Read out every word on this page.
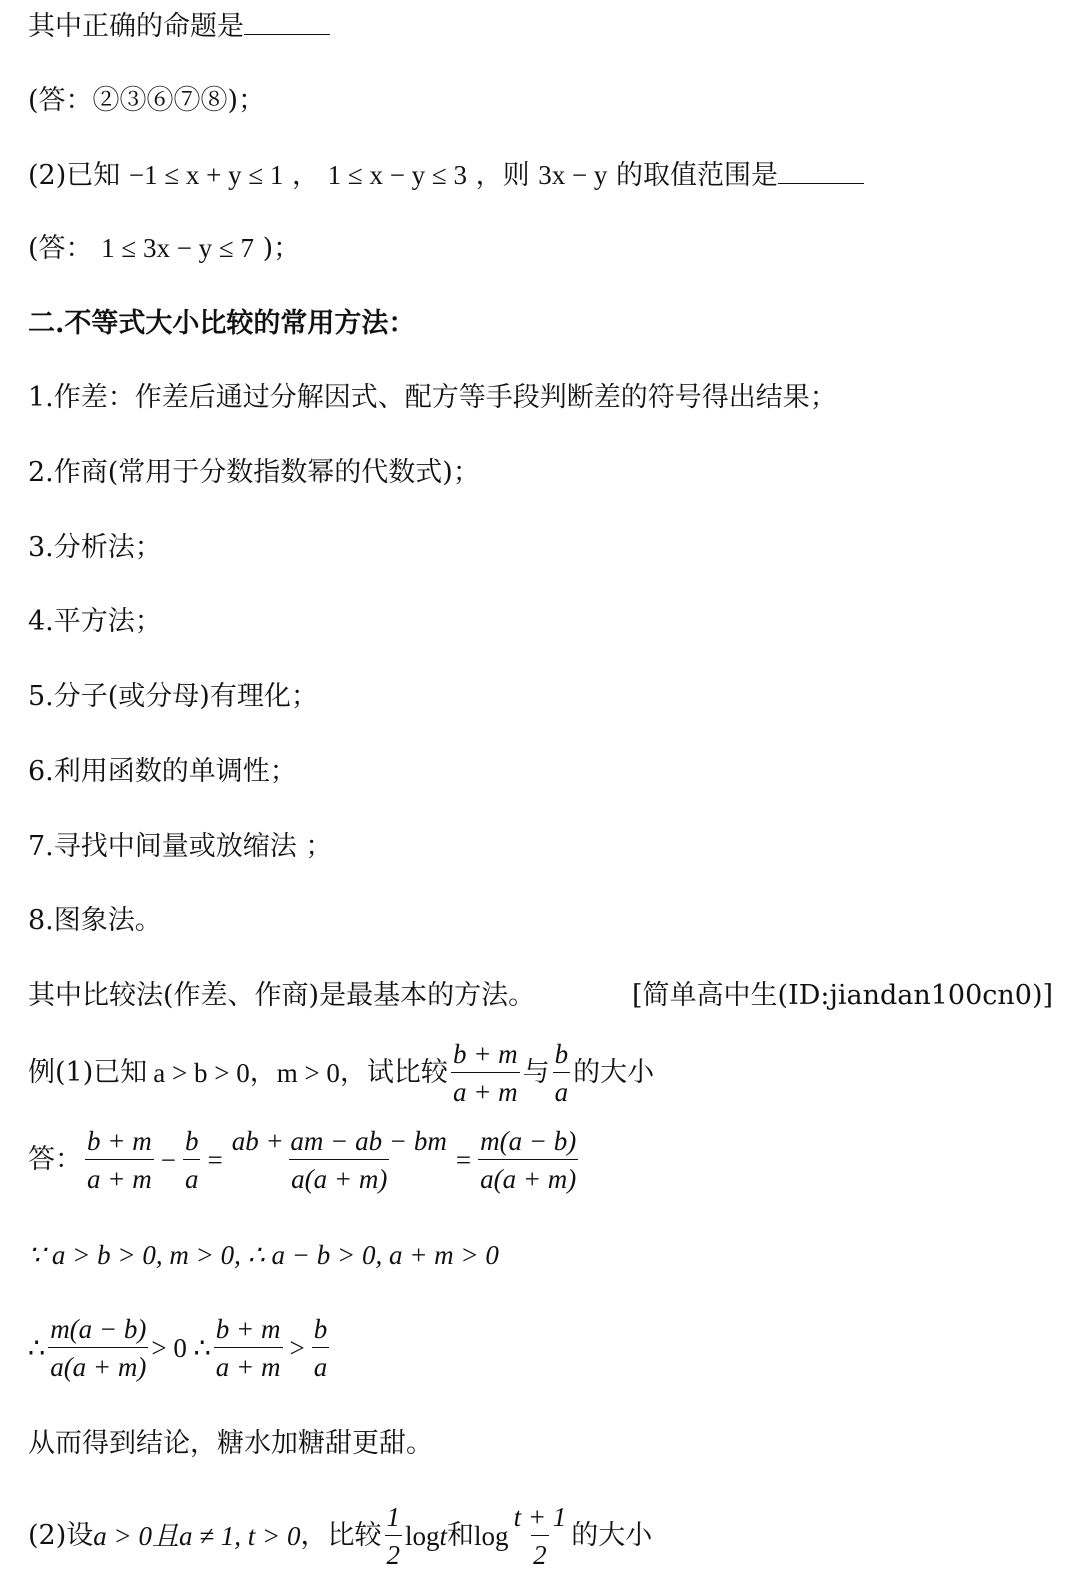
其中正确的命题是
(答：②③⑥⑦⑧)；
(2)已知 −1 ≤ x + y ≤ 1 ， 1 ≤ x − y ≤ 3 ，则 3x − y 的取值范围是
(答： 1 ≤ 3x − y ≤ 7 )；
二.不等式大小比较的常用方法：
1.作差：作差后通过分解因式、配方等手段判断差的符号得出结果；
2.作商(常用于分数指数幂的代数式)；
3.分析法；
4.平方法；
5.分子(或分母)有理化；
6.利用函数的单调性；
7.寻找中间量或放缩法 ；
8.图象法。
其中比较法(作差、作商)是最基本的方法。	[简单高中生(ID:jiandan100cn0)]
例(1)已知 a > b > 0 ， m > 0 ，试比较 $\frac{b + m}{a + m}$ 与 $\frac{b}{a}$ 的大小
答： $\frac{b + m}{a + m} - \frac{b}{a} = \frac{ab + am - ab - bm}{a(a + m)} = \frac{m(a - b)}{a(a + m)}$
∵ a > b > 0, m > 0, ∴ a − b > 0, a + m > 0
∴ $\frac{m(a - b)}{a(a + m)} > 0$ ∴ $\frac{b + m}{a + m} > \frac{b}{a}$
从而得到结论，糖水加糖甜更甜。
(2)设 a > 0且a ≠ 1, t > 0 ，比较 $\frac{1}{2}$ log t 和 $\log \frac{t + 1}{2}$ 的大小
